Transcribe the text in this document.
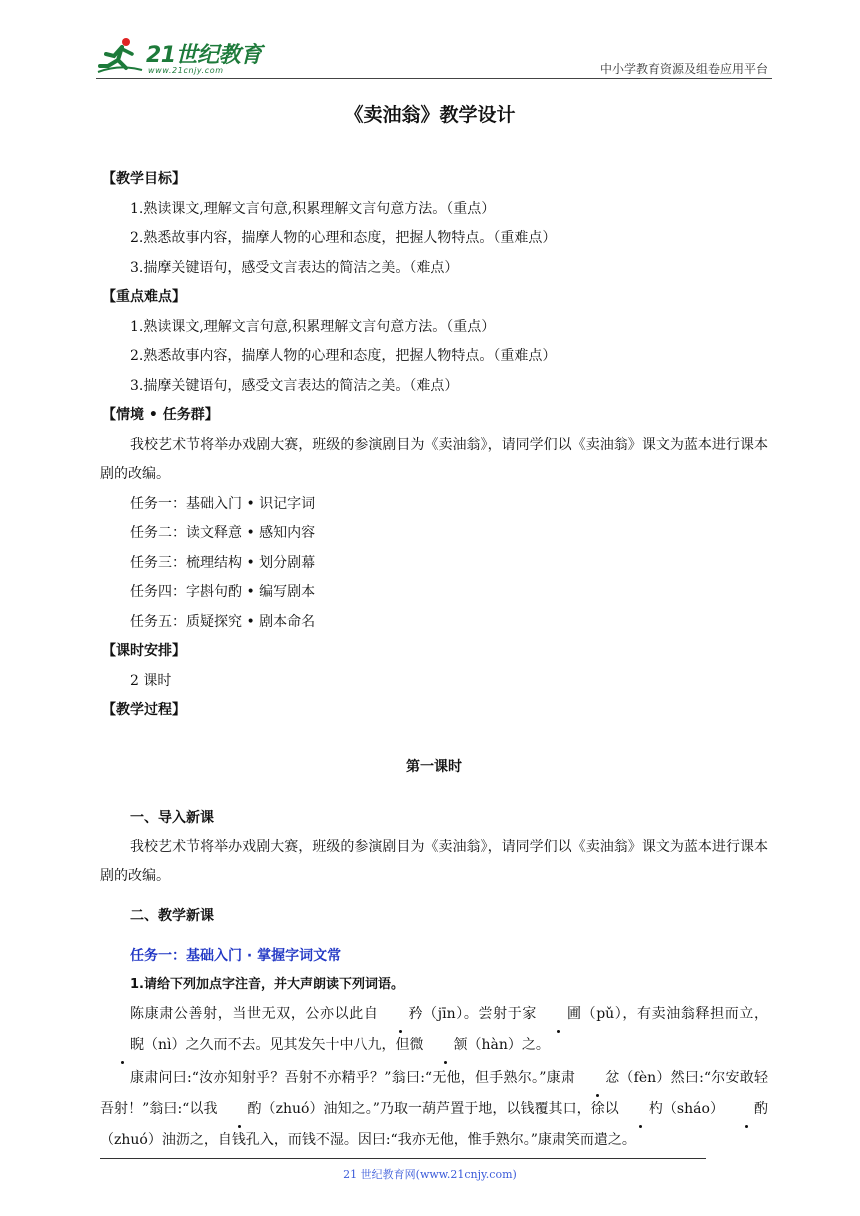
21世纪教育
www.21cnjy.com	中小学教育资源及组卷应用平台
《卖油翁》教学设计
【教学目标】
1.熟读课文,理解文言句意,积累理解文言句意方法。（重点）
2.熟悉故事内容，揣摩人物的心理和态度，把握人物特点。（重难点）
3.揣摩关键语句，感受文言表达的简洁之美。（难点）
【重点难点】
1.熟读课文,理解文言句意,积累理解文言句意方法。（重点）
2.熟悉故事内容，揣摩人物的心理和态度，把握人物特点。（重难点）
3.揣摩关键语句，感受文言表达的简洁之美。（难点）
【情境 • 任务群】
我校艺术节将举办戏剧大赛，班级的参演剧目为《卖油翁》，请同学们以《卖油翁》课文为蓝本进行课本剧的改编。
任务一：基础入门 • 识记字词
任务二：读文释意 • 感知内容
任务三：梳理结构 • 划分剧幕
任务四：字斟句酌 • 编写剧本
任务五：质疑探究 • 剧本命名
【课时安排】
2 课时
【教学过程】
第一课时
一、导入新课
我校艺术节将举办戏剧大赛，班级的参演剧目为《卖油翁》，请同学们以《卖油翁》课文为蓝本进行课本剧的改编。
二、教学新课
任务一：基础入门 · 掌握字词文常
1.请给下列加点字注音，并大声朗读下列词语。

陈康肃公善射，当世无双，公亦以此自 矜（jīn）。尝射于家 圃（pǔ），有卖油翁释担而立，睨（nì）之久而不去。见其发矢十中八九，但微 颔（hàn）之。

康肃问曰:“汝亦知射乎？吾射不亦精乎？”翁曰:“无他，但手熟尔。”康肃 忿（fèn）然曰:“尔安敢轻吾射！”翁曰:“以我 酌（zhuó）油知之。”乃取一葫芦置于地，以钱覆其口，徐以 杓（sháo） 酌（zhuó）油沥之，自钱孔入，而钱不湿。因曰:“我亦无他，惟手熟尔。”康肃笑而遣之。

21 世纪教育网(www.21cnjy.com)
